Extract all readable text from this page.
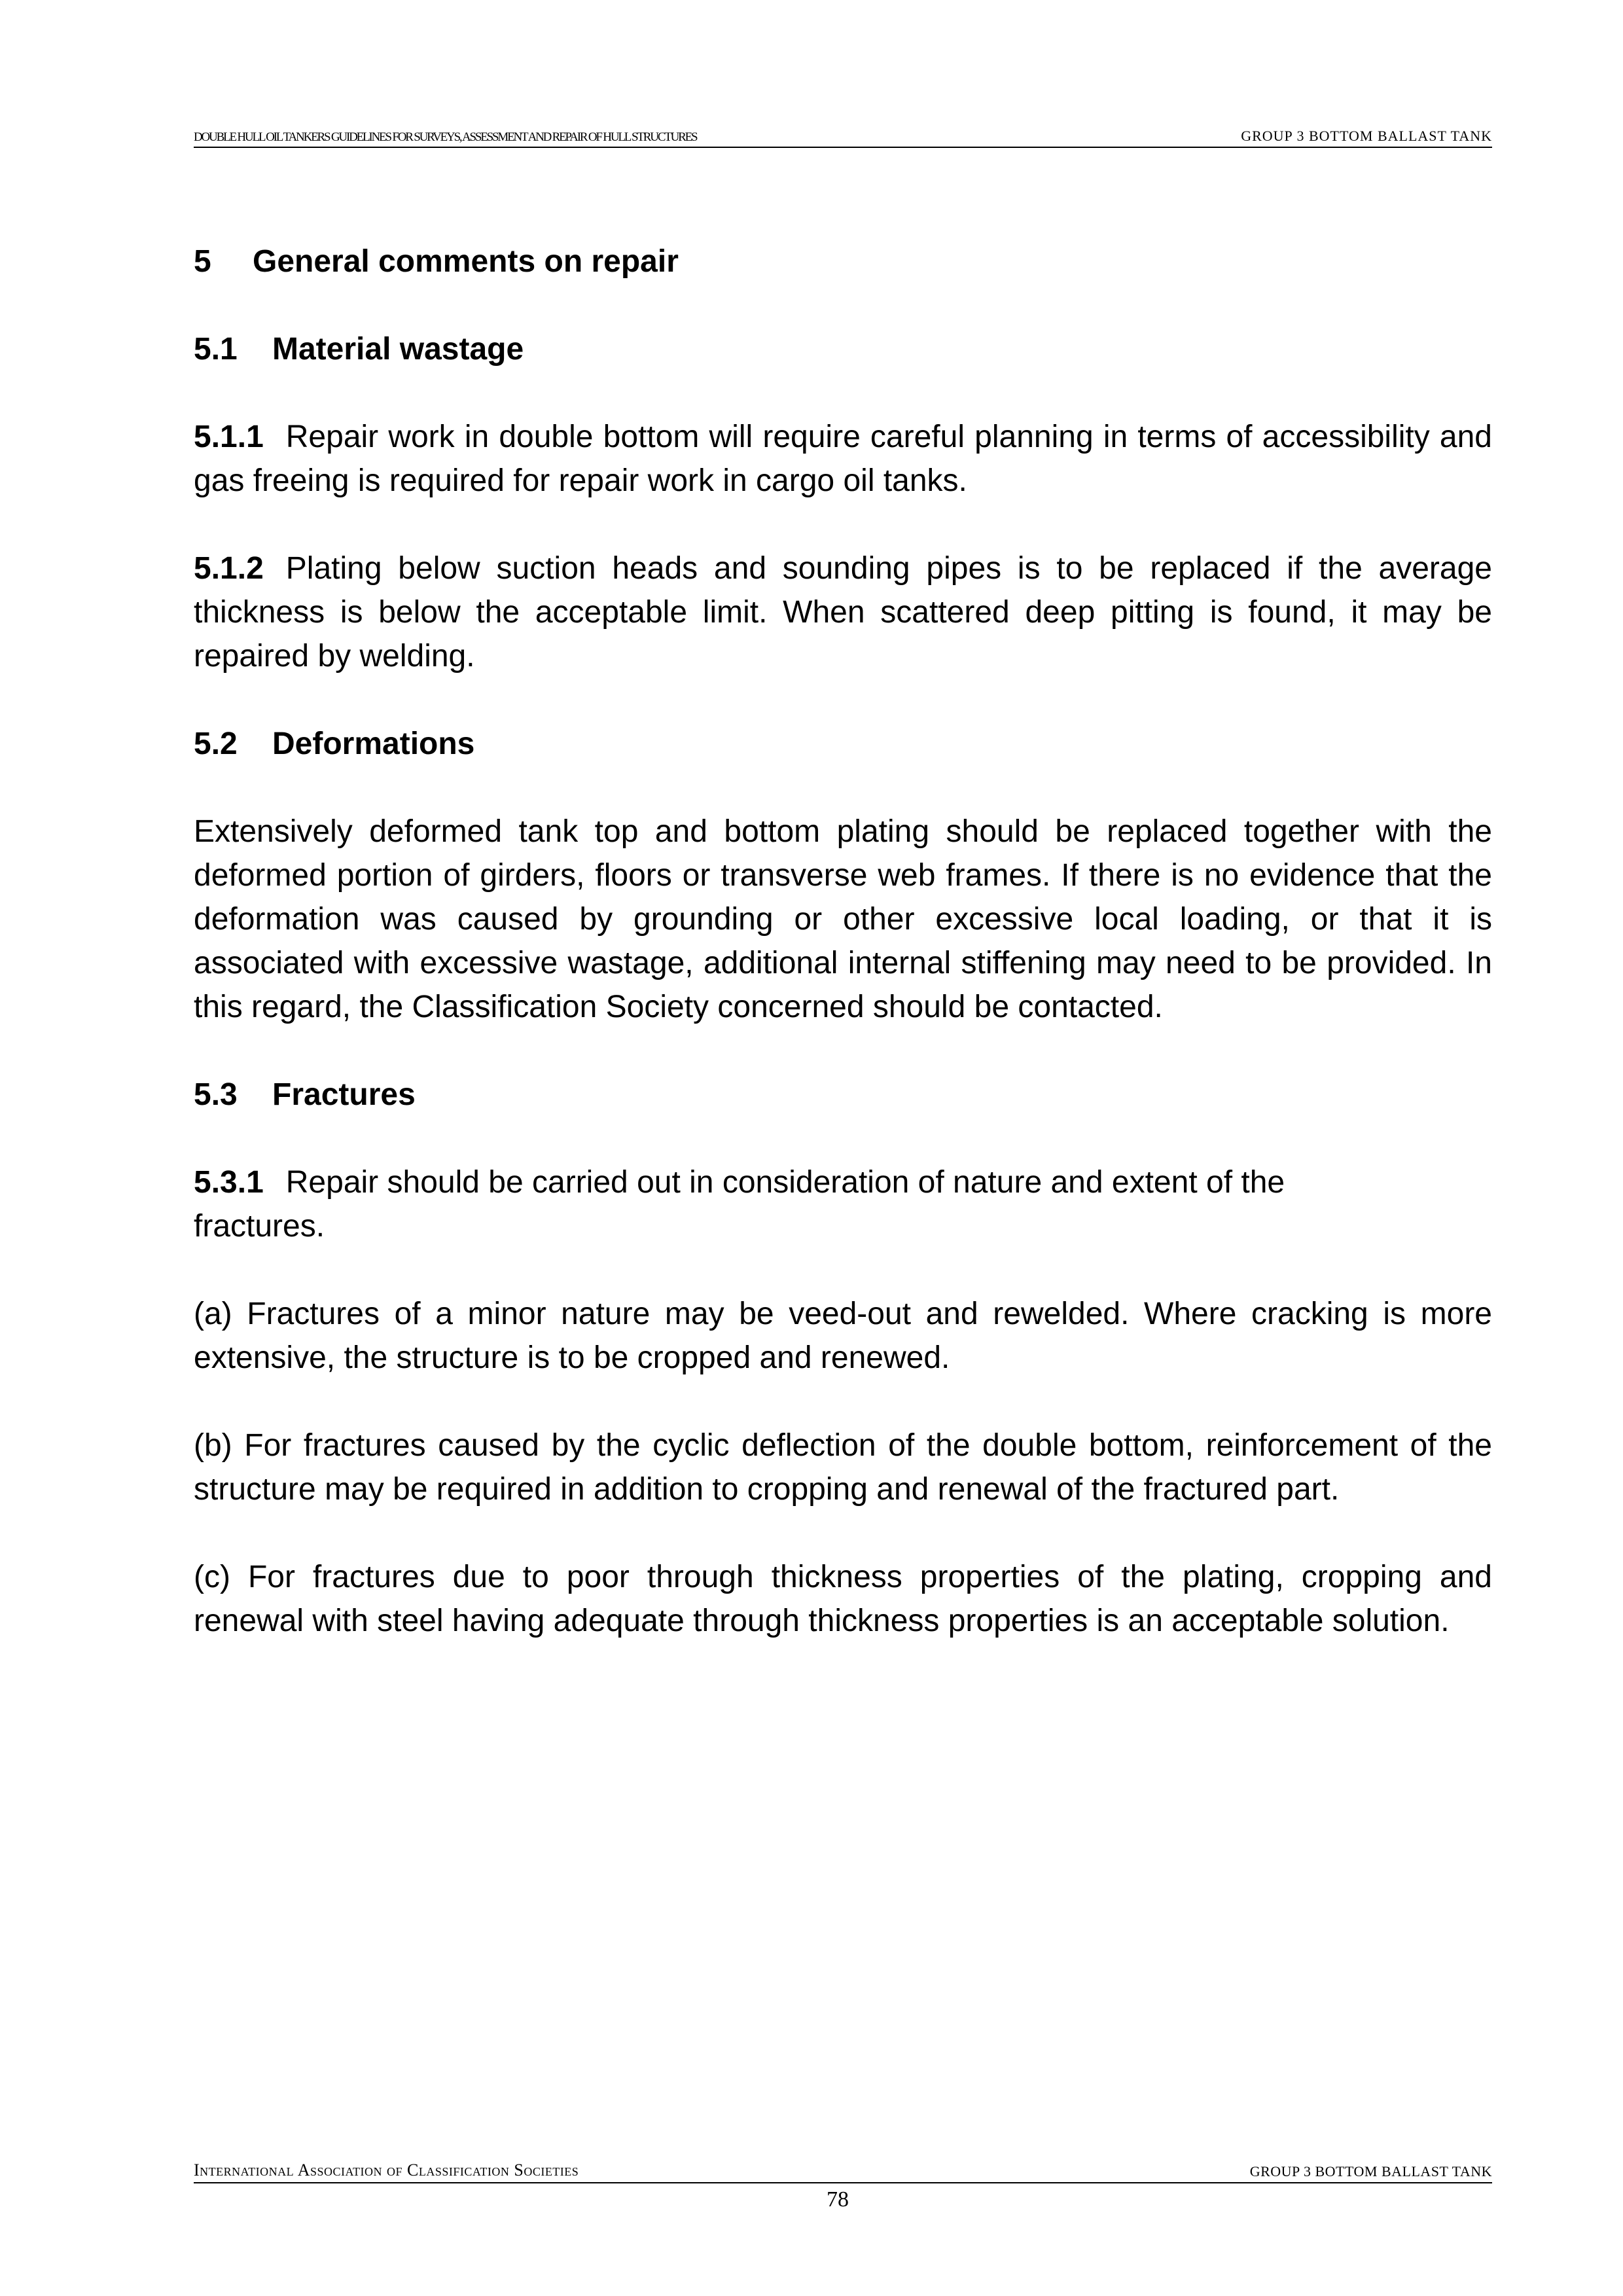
DOUBLE HULL OIL TANKERS GUIDELINES FOR SURVEYS, ASSESSMENT AND REPAIR OF HULL STRUCTURES	GROUP 3 BOTTOM BALLAST TANK

5 General comments on repair

5.1 Material wastage

5.1.1 Repair work in double bottom will require careful planning in terms of accessibility and gas freeing is required for repair work in cargo oil tanks.

5.1.2 Plating below suction heads and sounding pipes is to be replaced if the average thickness is below the acceptable limit. When scattered deep pitting is found, it may be repaired by welding.

5.2 Deformations

Extensively deformed tank top and bottom plating should be replaced together with the deformed portion of girders, floors or transverse web frames. If there is no evidence that the deformation was caused by grounding or other excessive local loading, or that it is associated with excessive wastage, additional internal stiffening may need to be provided. In this regard, the Classification Society concerned should be contacted.

5.3 Fractures

5.3.1 Repair should be carried out in consideration of nature and extent of the fractures.

(a) Fractures of a minor nature may be veed-out and rewelded. Where cracking is more extensive, the structure is to be cropped and renewed.

(b) For fractures caused by the cyclic deflection of the double bottom, reinforcement of the structure may be required in addition to cropping and renewal of the fractured part.

(c) For fractures due to poor through thickness properties of the plating, cropping and renewal with steel having adequate through thickness properties is an acceptable solution.

International Association of Classification Societies	GROUP 3 BOTTOM BALLAST TANK
78
